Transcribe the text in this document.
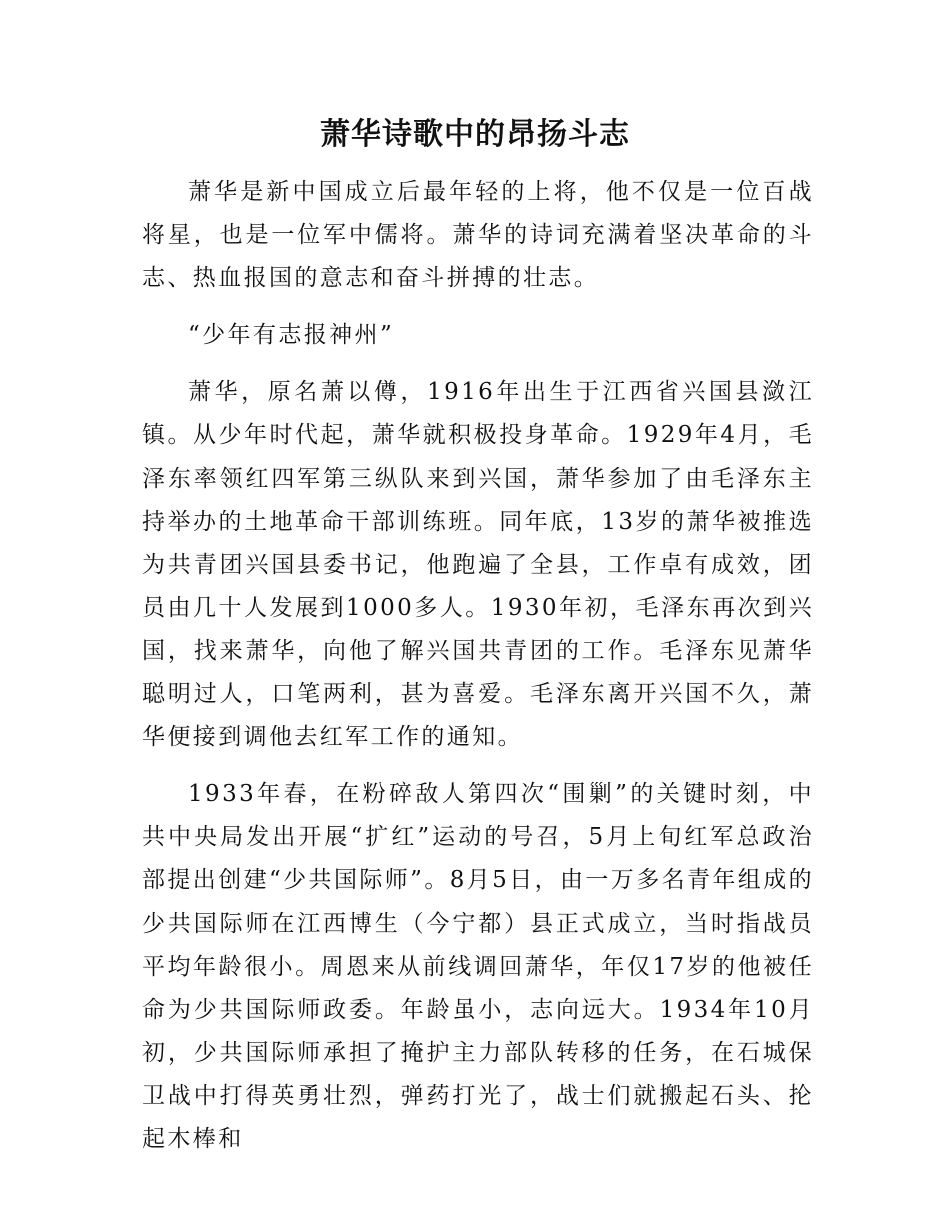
萧华诗歌中的昂扬斗志

萧华是新中国成立后最年轻的上将，他不仅是一位百战将星，也是一位军中儒将。萧华的诗词充满着坚决革命的斗志、热血报国的意志和奋斗拼搏的壮志。

“少年有志报神州”

萧华，原名萧以僔，1916年出生于江西省兴国县潋江镇。从少年时代起，萧华就积极投身革命。1929年4月，毛泽东率领红四军第三纵队来到兴国，萧华参加了由毛泽东主持举办的土地革命干部训练班。同年底，13岁的萧华被推选为共青团兴国县委书记，他跑遍了全县，工作卓有成效，团员由几十人发展到1000多人。1930年初，毛泽东再次到兴国，找来萧华，向他了解兴国共青团的工作。毛泽东见萧华聪明过人，口笔两利，甚为喜爱。毛泽东离开兴国不久，萧华便接到调他去红军工作的通知。

1933年春，在粉碎敌人第四次“围剿”的关键时刻，中共中央局发出开展“扩红”运动的号召，5月上旬红军总政治部提出创建“少共国际师”。8月5日，由一万多名青年组成的少共国际师在江西博生（今宁都）县正式成立，当时指战员平均年龄很小。周恩来从前线调回萧华，年仅17岁的他被任命为少共国际师政委。年龄虽小，志向远大。1934年10月初，少共国际师承担了掩护主力部队转移的任务，在石城保卫战中打得英勇壮烈，弹药打光了，战士们就搬起石头、抡起木棒和
